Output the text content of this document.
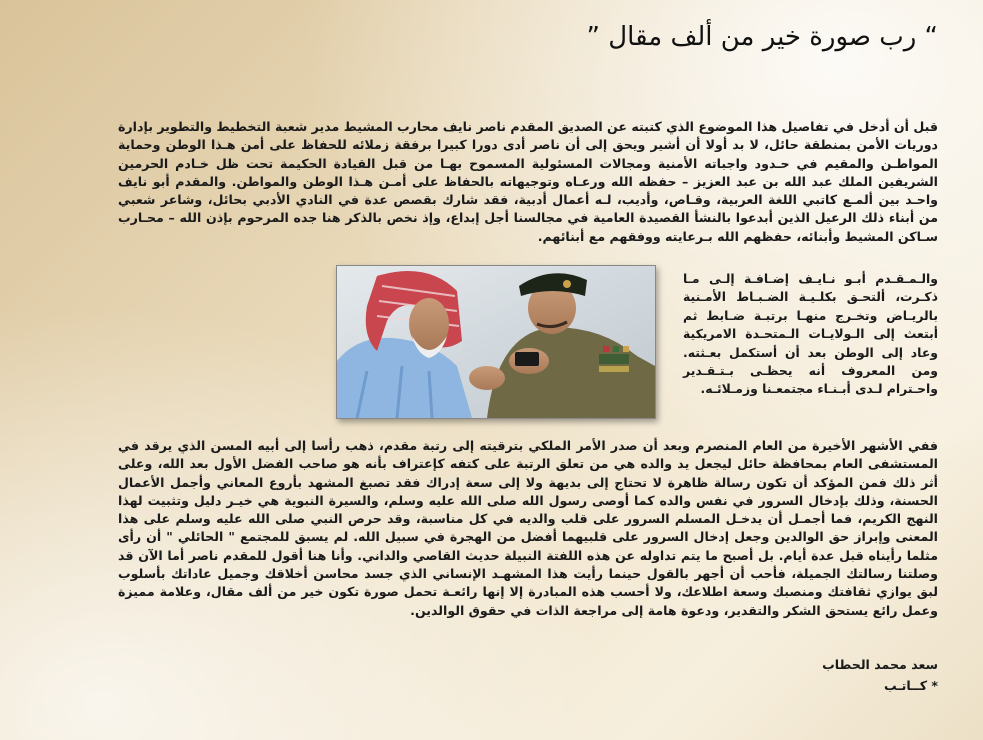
“ رب صورة خير من ألف مقال ”

قبل أن أدخل في تفاصيل هذا الموضوع الذي كتبته عن الصديق المقدم ناصر نايف محارب المشيط مدير شعبة التخطيط والتطوير بإدارة دوريات الأمن بمنطقة حائل، لا بد أولا أن أشير ويحق إلى أن ناصر أدى دورا كبيرا برفقة زملائه للحفاظ على أمن هـذا الوطن وحماية المواطـن والمقيم في حـدود واجباته الأمنية ومجالات المسئولية المسموح بهـا من قبل القيادة الحكيمة تحت ظل خـادم الحرمين الشريفين الملك عبد الله بن عبد العزيز – حفظه الله ورعـاه وتوجيهاته بالحفاظ على أمـن هـذا الوطن والمواطن. والمقدم أبو نايف واحـد بين ألمـع كاتبي اللغة العربية، وقـاص، وأديب، لـه أعمال أدبية، فقد شارك بقصص عدة في النادي الأدبي بحائل، وشاعر شعبي من أبناء ذلك الرعيل الذين أبدعوا بالنشأ القصيدة العامية في مجالسنا أجل إبداع، وإذ نخص بالذكر هنا جده المرحوم بإذن الله – محـارب سـاكن المشيط وأبنائه، حفظهم الله بـرعايته ووفقهم مع أبنائهم.

والـمـقـدم أبـو نـايـف إضـافـة إلـى مـا ذكـرت، ألتحـق بكلـيـة الضـبـاط الأمـنية بالريـاض وتخـرج منهـا برتبـة ضـابط ثم أبتعث إلى الـولايـات الـمتحـدة الامريكية وعاد إلى الوطن بعد أن أستكمل بعـثته. ومن المعروف أنه يحظـى بـتـقـدير واحـترام لـدى أبـنـاء مجتمعـنا وزمـلائـه.

ففي الأشهر الأخيرة من العام المنصرم وبعد أن صدر الأمر الملكي بترقيته إلى رتبة مقدم، ذهب رأسا إلى أبيه المسن الذي يرقد في المستشفى العام بمحافظة حائل ليجعل يد والده هي من تعلق الرتبة على كتفه كإعتراف بأنه هو صاحب الفضل الأول بعد الله، وعلى أثر ذلك فمن المؤكد أن تكون رسالة ظاهرة لا تحتاج إلى بديهة ولا إلى سعة إدراك فقد تصبغ المشهد بأروع المعاني وأجمل الأعمال الحسنة، وذلك بإدخال السرور في نفس والده كما أوصى رسول الله صلى الله عليه وسلم، والسيرة النبوية هي خيـر دليل وتثبيت لهذا النهج الكريم، فما أجمـل أن يدخـل المسلم السرور على قلب والديه في كل مناسبة، وقد حرص النبي صلى الله عليه وسلم على هذا المعنى وإبراز حق الوالدين وجعل إدخال السرور على قلبيهما أفضل من الهجرة في سبيل الله. لم يسبق للمجتمع " الحائلي " أن رأى مثلما رأيناه قبل عدة أيام. بل أصبح ما يتم تداوله عن هذه اللفتة النبيلة حديث القاصي والداني. وأنا هنا أقول للمقدم ناصر أما الآن قد وصلتنا رسالتك الجميلة، فأحب أن أجهر بالقول حينما رأيت هذا المشهـد الإنساني الذي جسد محاسن أخلاقك وجميل عاداتك بأسلوب لبق يوازي ثقافتك ومنصبك وسعة اطلاعك، ولا أحسب هذه المبادرة إلا إنها رائعـة تحمل صورة تكون خير من ألف مقال، وعلامة مميزة وعمل رائع يستحق الشكر والتقدير، ودعوة هامة إلى مراجعة الذات في حقوق الوالدين.

سعد محمد الحطاب

* كــاتـب
